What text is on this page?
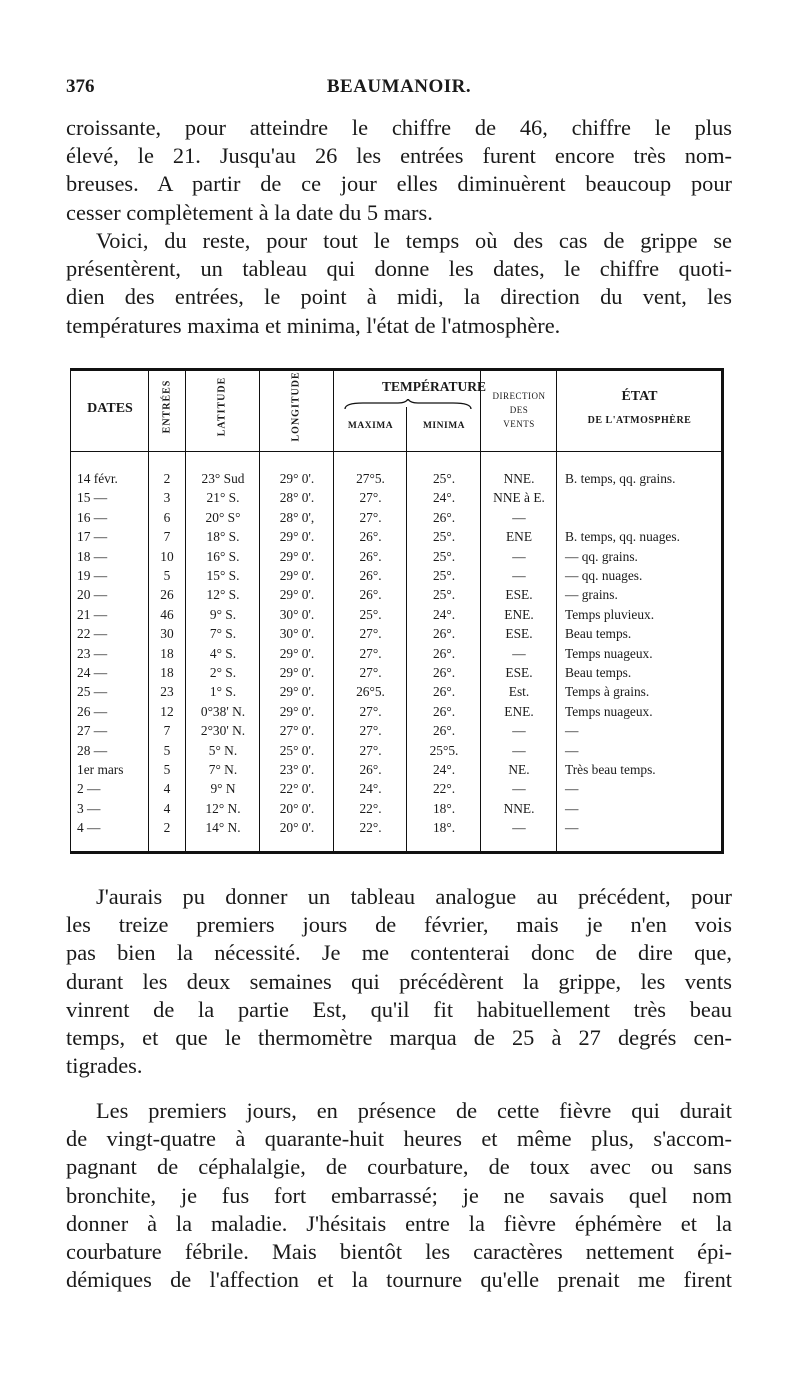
376	BEAUMANOIR.
croissante, pour atteindre le chiffre de 46, chiffre le plus
élevé, le 21. Jusqu'au 26 les entrées furent encore très nom-
breuses. A partir de ce jour elles diminuèrent beaucoup pour
cesser complètement à la date du 5 mars.
Voici, du reste, pour tout le temps où des cas de grippe se
présentèrent, un tableau qui donne les dates, le chiffre quoti-
dien des entrées, le point à midi, la direction du vent, les
températures maxima et minima, l'état de l'atmosphère.
DATES	ENTRÉES	LATITUDE	LONGITUDE	TEMPÉRATURE
MAXIMA	MINIMA
DIRECTION
DES
VENTS
ÉTAT
DE L'ATMOSPHÈRE
14 févr.	2	23° Sud	29° 0'.	27°5.	25°.	NNE.	B. temps, qq. grains.
15 —	3	21° S.	28° 0'.	27°.	24°.	NNE à E.
16 —	6	20° S°	28° 0',	27°.	26°.	—
17 —	7	18° S.	29° 0'.	26°.	25°.	ENE	B. temps, qq. nuages.
18 —	10	16° S.	29° 0'.	26°.	25°.	—	— qq. grains.
19 —	5	15° S.	29° 0'.	26°.	25°.	—	— qq. nuages.
20 —	26	12° S.	29° 0'.	26°.	25°.	ESE.	— grains.
21 —	46	9° S.	30° 0'.	25°.	24°.	ENE.	Temps pluvieux.
22 —	30	7° S.	30° 0'.	27°.	26°.	ESE.	Beau temps.
23 —	18	4° S.	29° 0'.	27°.	26°.	—	Temps nuageux.
24 —	18	2° S.	29° 0'.	27°.	26°.	ESE.	Beau temps.
25 —	23	1° S.	29° 0'.	26°5.	26°.	Est.	Temps à grains.
26 —	12	0°38' N.	29° 0'.	27°.	26°.	ENE.	Temps nuageux.
27 —	7	2°30' N.	27° 0'.	27°.	26°.	—	—
28 —	5	5° N.	25° 0'.	27°.	25°5.	—	—
1er mars	5	7° N.	23° 0'.	26°.	24°.	NE.	Très beau temps.
2 —	4	9° N	22° 0'.	24°.	22°.	—	—
3 —	4	12° N.	20° 0'.	22°.	18°.	NNE.	—
4 —	2	14° N.	20° 0'.	22°.	18°.	—	—
J'aurais pu donner un tableau analogue au précédent, pour
les treize premiers jours de février, mais je n'en vois
pas bien la nécessité. Je me contenterai donc de dire que,
durant les deux semaines qui précédèrent la grippe, les vents
vinrent de la partie Est, qu'il fit habituellement très beau
temps, et que le thermomètre marqua de 25 à 27 degrés cen-
tigrades.
Les premiers jours, en présence de cette fièvre qui durait
de vingt-quatre à quarante-huit heures et même plus, s'accom-
pagnant de céphalalgie, de courbature, de toux avec ou sans
bronchite, je fus fort embarrassé; je ne savais quel nom
donner à la maladie. J'hésitais entre la fièvre éphémère et la
courbature fébrile. Mais bientôt les caractères nettement épi-
démiques de l'affection et la tournure qu'elle prenait me firent
